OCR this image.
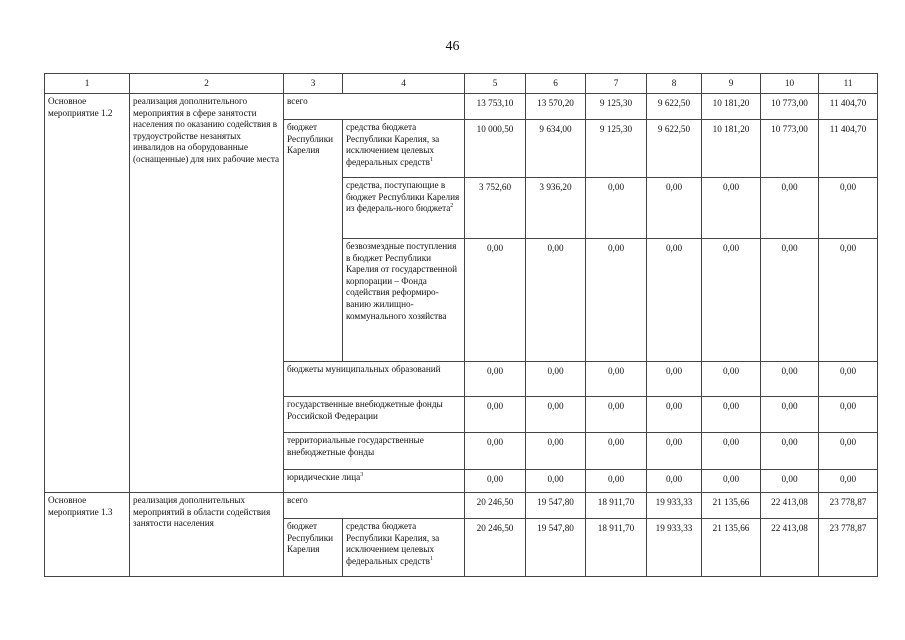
46
1	2	3	4	5	6	7	8	9	10	11
Основное мероприятие 1.2	реализация дополнительного мероприятия в сфере занятости населения по оказанию содействия в трудоустройстве незанятых инвалидов на оборудованные (оснащенные) для них рабочие места	всего		13 753,10	13 570,20	9 125,30	9 622,50	10 181,20	10 773,00	11 404,70
		бюджет Республики Карелия	средства бюджета Республики Карелия, за исключением целевых федеральных средств$^1$	10 000,50	9 634,00	9 125,30	9 622,50	10 181,20	10 773,00	11 404,70
			средства, поступающие в бюджет Республики Карелия из федераль-ного бюджета$^2$	3 752,60	3 936,20	0,00	0,00	0,00	0,00	0,00
			безвозмездные поступления в бюджет Республики Карелия от государственной корпорации – Фонда содействия реформиро-ванию жилищно-коммунального хозяйства	0,00	0,00	0,00	0,00	0,00	0,00	0,00
		бюджеты муниципальных образований		0,00	0,00	0,00	0,00	0,00	0,00	0,00
		государственные внебюджетные фонды Российской Федерации		0,00	0,00	0,00	0,00	0,00	0,00	0,00
		территориальные государственные внебюджетные фонды		0,00	0,00	0,00	0,00	0,00	0,00	0,00
		юридические лица$^3$		0,00	0,00	0,00	0,00	0,00	0,00	0,00
Основное мероприятие 1.3	реализация дополнительных мероприятий в области содействия занятости населения	всего		20 246,50	19 547,80	18 911,70	19 933,33	21 135,66	22 413,08	23 778,87
		бюджет Республики Карелия	средства бюджета Республики Карелия, за исключением целевых федеральных средств$^1$	20 246,50	19 547,80	18 911,70	19 933,33	21 135,66	22 413,08	23 778,87
